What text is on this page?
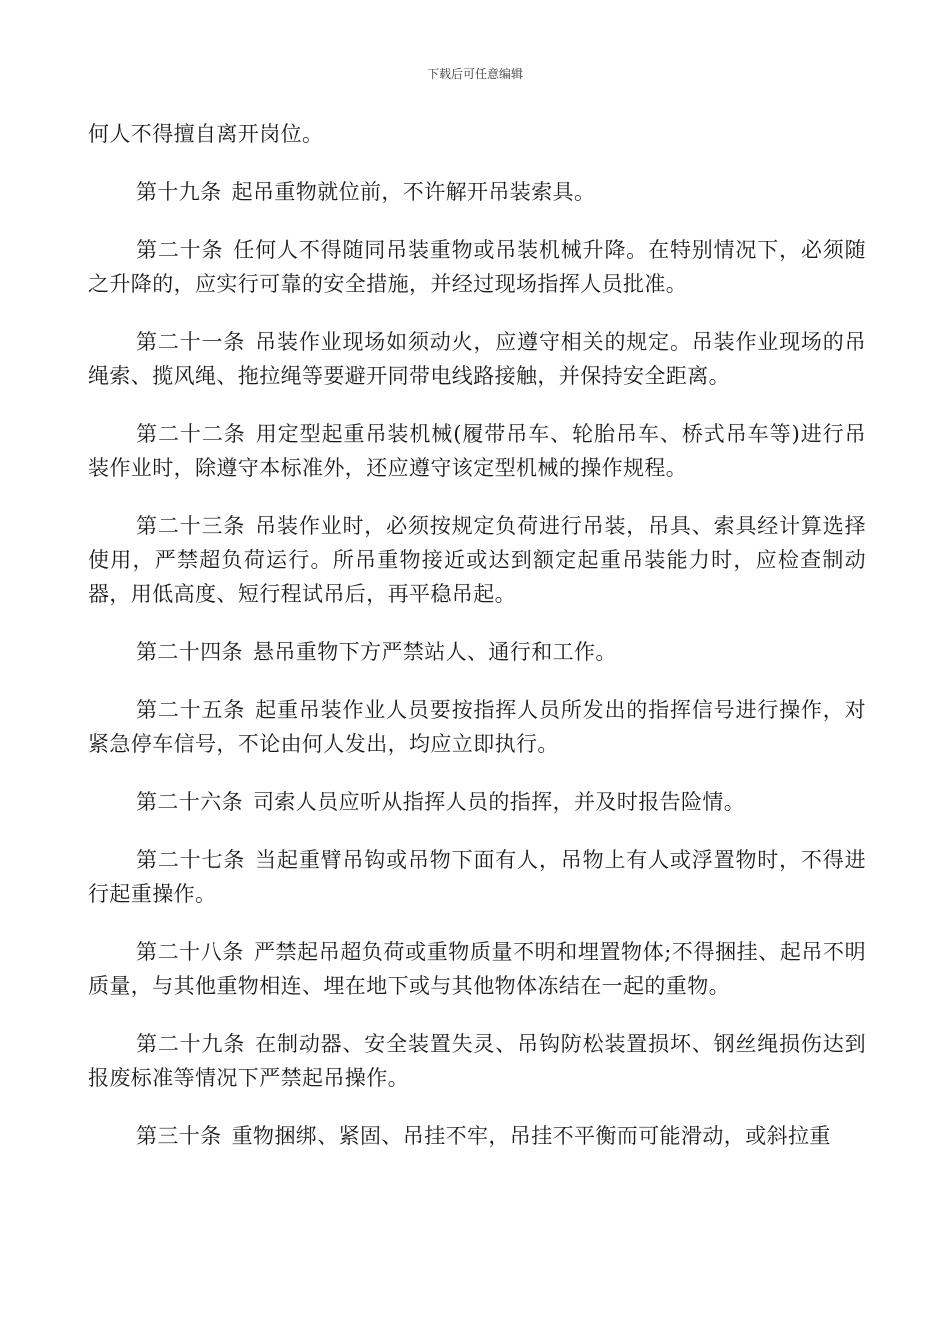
下载后可任意编辑

何人不得擅自离开岗位。

第十九条 起吊重物就位前，不许解开吊装索具。

第二十条 任何人不得随同吊装重物或吊装机械升降。在特别情况下，必须随之升降的，应实行可靠的安全措施，并经过现场指挥人员批准。

第二十一条 吊装作业现场如须动火，应遵守相关的规定。吊装作业现场的吊绳索、揽风绳、拖拉绳等要避开同带电线路接触，并保持安全距离。

第二十二条 用定型起重吊装机械(履带吊车、轮胎吊车、桥式吊车等)进行吊装作业时，除遵守本标准外，还应遵守该定型机械的操作规程。

第二十三条 吊装作业时，必须按规定负荷进行吊装，吊具、索具经计算选择使用，严禁超负荷运行。所吊重物接近或达到额定起重吊装能力时，应检查制动器，用低高度、短行程试吊后，再平稳吊起。

第二十四条 悬吊重物下方严禁站人、通行和工作。

第二十五条 起重吊装作业人员要按指挥人员所发出的指挥信号进行操作，对紧急停车信号，不论由何人发出，均应立即执行。

第二十六条 司索人员应听从指挥人员的指挥，并及时报告险情。

第二十七条 当起重臂吊钩或吊物下面有人，吊物上有人或浮置物时，不得进行起重操作。

第二十八条 严禁起吊超负荷或重物质量不明和埋置物体;不得捆挂、起吊不明质量，与其他重物相连、埋在地下或与其他物体冻结在一起的重物。

第二十九条 在制动器、安全装置失灵、吊钩防松装置损坏、钢丝绳损伤达到报废标准等情况下严禁起吊操作。

第三十条 重物捆绑、紧固、吊挂不牢，吊挂不平衡而可能滑动，或斜拉重
